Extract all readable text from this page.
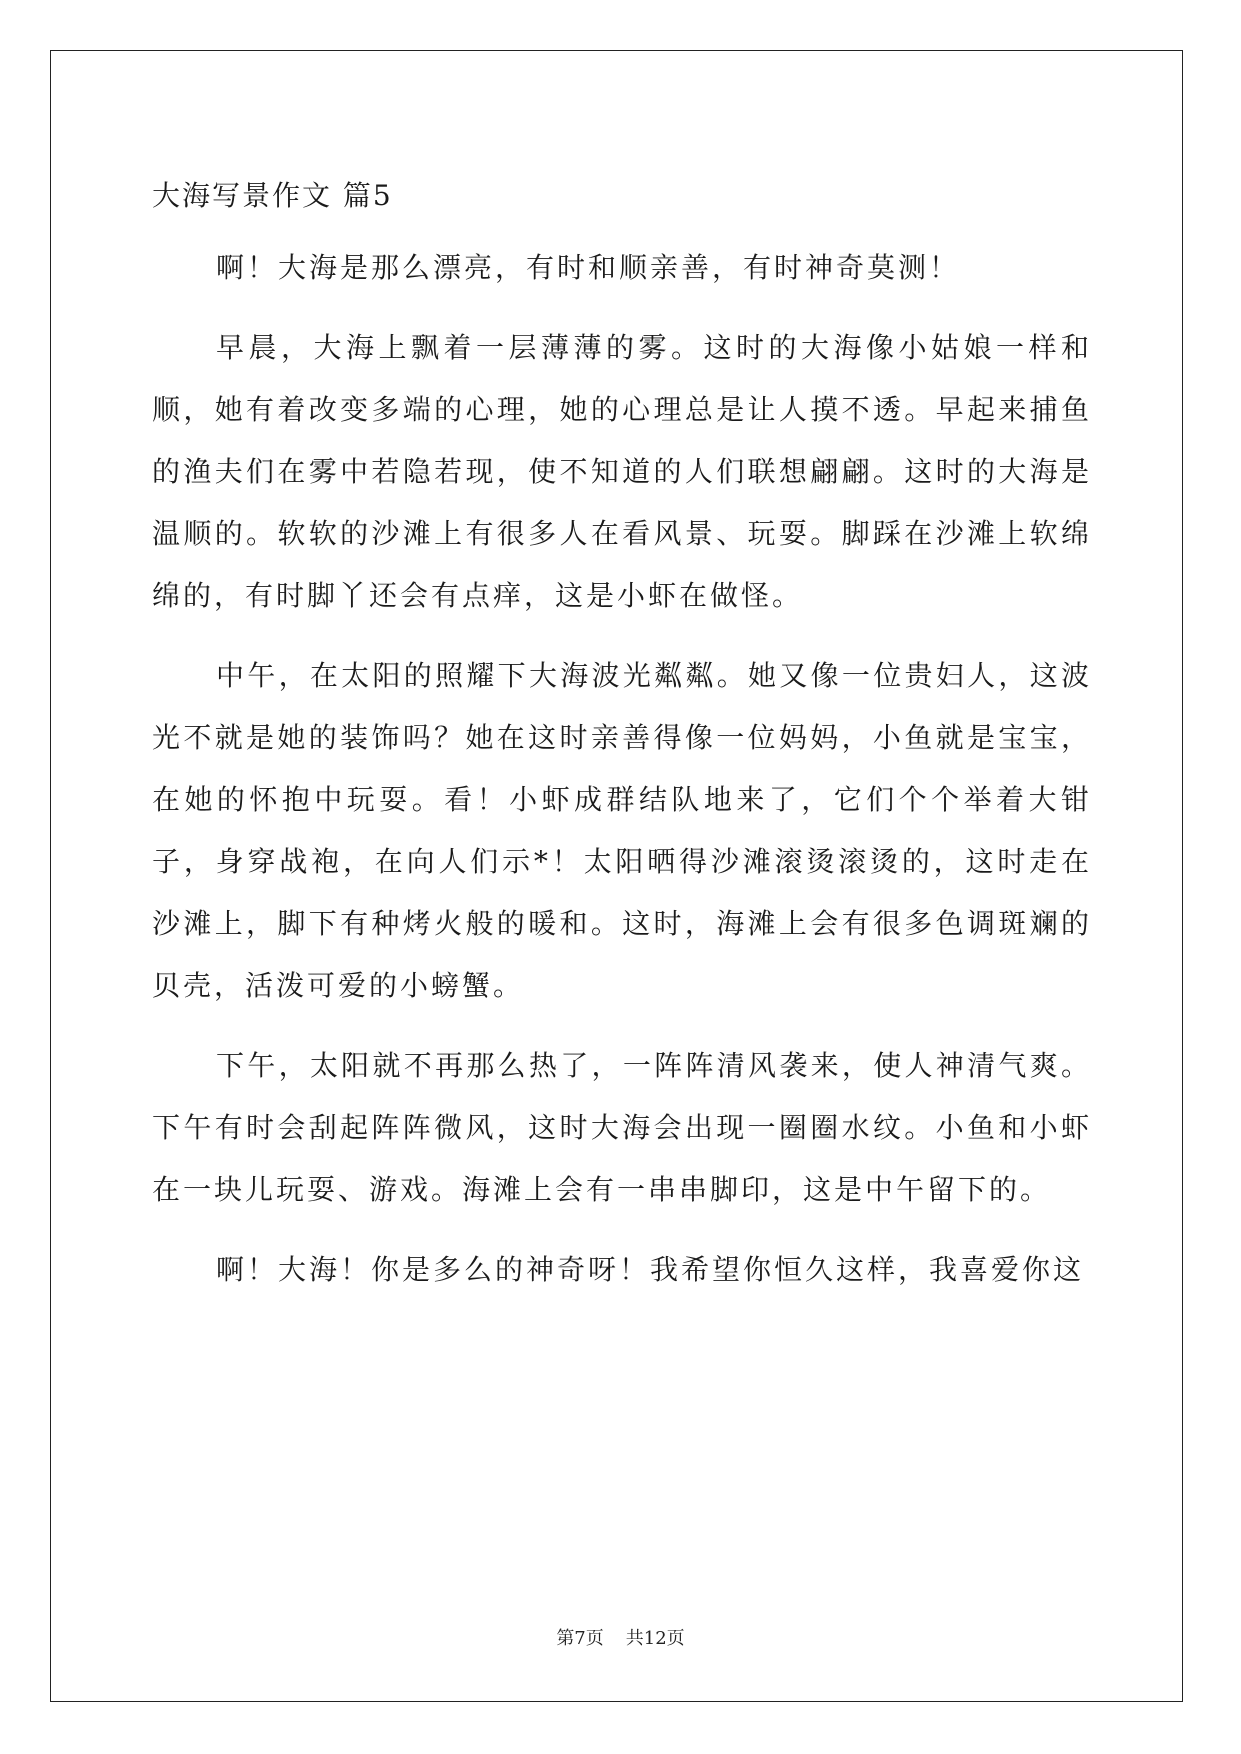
大海写景作文 篇5

啊！大海是那么漂亮，有时和顺亲善，有时神奇莫测！

早晨，大海上飘着一层薄薄的雾。这时的大海像小姑娘一样和顺，她有着改变多端的心理，她的心理总是让人摸不透。早起来捕鱼的渔夫们在雾中若隐若现，使不知道的人们联想翩翩。这时的大海是温顺的。软软的沙滩上有很多人在看风景、玩耍。脚踩在沙滩上软绵绵的，有时脚丫还会有点痒，这是小虾在做怪。

中午，在太阳的照耀下大海波光粼粼。她又像一位贵妇人，这波光不就是她的装饰吗？她在这时亲善得像一位妈妈，小鱼就是宝宝，在她的怀抱中玩耍。看！小虾成群结队地来了，它们个个举着大钳子，身穿战袍，在向人们示*！太阳晒得沙滩滚烫滚烫的，这时走在沙滩上，脚下有种烤火般的暖和。这时，海滩上会有很多色调斑斓的贝壳，活泼可爱的小螃蟹。

下午，太阳就不再那么热了，一阵阵清风袭来，使人神清气爽。下午有时会刮起阵阵微风，这时大海会出现一圈圈水纹。小鱼和小虾在一块儿玩耍、游戏。海滩上会有一串串脚印，这是中午留下的。

啊！大海！你是多么的神奇呀！我希望你恒久这样，我喜爱你这

第7页 共12页
